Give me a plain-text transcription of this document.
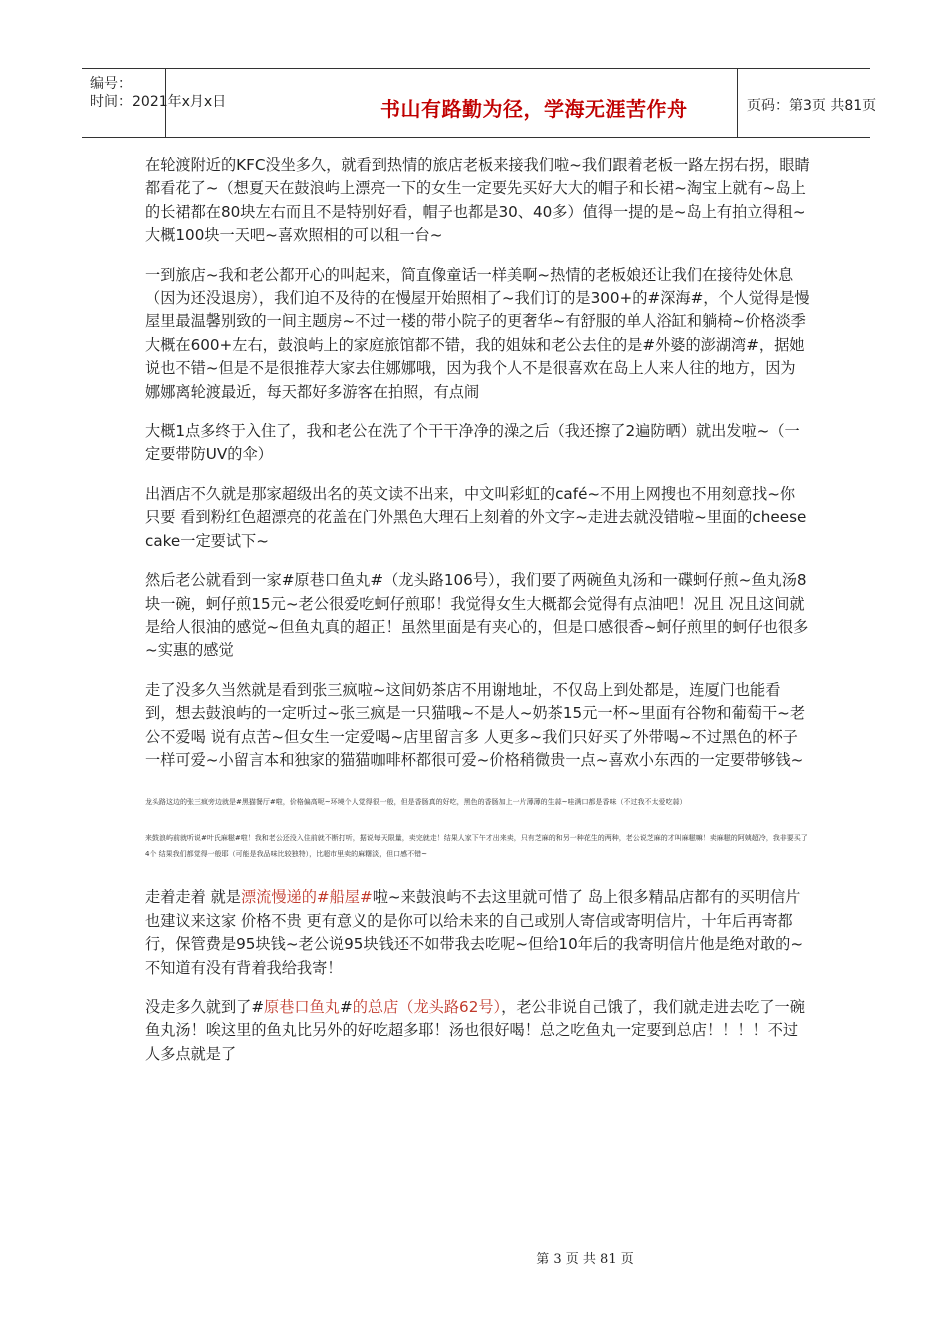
编号：
时间：2021年x月x日	书山有路勤为径，学海无涯苦作舟	页码：第3页 共81页

在轮渡附近的KFC没坐多久，就看到热情的旅店老板来接我们啦~我们跟着老板一路左拐右拐，眼睛都看花了~（想夏天在鼓浪屿上漂亮一下的女生一定要先买好大大的帽子和长裙~淘宝上就有~岛上的长裙都在80块左右而且不是特别好看，帽子也都是30、40多）值得一提的是~岛上有拍立得租~大概100块一天吧~喜欢照相的可以租一台~

一到旅店~我和老公都开心的叫起来，简直像童话一样美啊~热情的老板娘还让我们在接待处休息（因为还没退房），我们迫不及待的在慢屋开始照相了~我们订的是300+的#深海#，个人觉得是慢屋里最温馨别致的一间主题房~不过一楼的带小院子的更奢华~有舒服的单人浴缸和躺椅~价格淡季大概在600+左右，鼓浪屿上的家庭旅馆都不错，我的姐妹和老公去住的是#外婆的澎湖湾#，据她说也不错~但是不是很推荐大家去住娜娜哦，因为我个人不是很喜欢在岛上人来人往的地方，因为娜娜离轮渡最近，每天都好多游客在拍照，有点闹

大概1点多终于入住了，我和老公在洗了个干干净净的澡之后（我还擦了2遍防晒）就出发啦~（一定要带防UV的伞）

出酒店不久就是那家超级出名的英文读不出来，中文叫彩虹的café~不用上网搜也不用刻意找~你只要 看到粉红色超漂亮的花盖在门外黑色大理石上刻着的外文字~走进去就没错啦~里面的cheese cake一定要试下~

然后老公就看到一家#原巷口鱼丸#（龙头路106号），我们要了两碗鱼丸汤和一碟蚵仔煎~鱼丸汤8块一碗，蚵仔煎15元~老公很爱吃蚵仔煎耶！我觉得女生大概都会觉得有点油吧！况且 况且这间就是给人很油的感觉~但鱼丸真的超正！虽然里面是有夹心的，但是口感很香~蚵仔煎里的蚵仔也很多~实惠的感觉

走了没多久当然就是看到张三疯啦~这间奶茶店不用谢地址，不仅岛上到处都是，连厦门也能看到，想去鼓浪屿的一定听过~张三疯是一只猫哦~不是人~奶茶15元一杯~里面有谷物和葡萄干~老公不爱喝 说有点苦~但女生一定爱喝~店里留言多 人更多~我们只好买了外带喝~不过黑色的杯子一样可爱~小留言本和独家的猫猫咖啡杯都很可爱~价格稍微贵一点~喜欢小东西的一定要带够钱~

龙头路这边的张三疯旁边就是#黑猫餐厅#啦，价格偏高呢~环境个人觉得很一般，但是香肠真的好吃，黑色的香肠加上一片薄薄的生蒜~哇满口都是香味（不过我不太爱吃蒜）

来鼓浪屿前就听说#叶氏麻糍#啦！我和老公还没入住前就不断打听，据说每天限量，卖完就走！结果人家下午才出来卖，只有芝麻的和另一种花生的两种，老公说芝麻的才叫麻糍嘛！卖麻糍的阿姨超冷，我非要买了4个 结果我们都觉得一般耶（可能是我品味比较独特），比超市里卖的麻糬淡，但口感不错~

走着走着 就是漂流慢递的#船屋#啦~来鼓浪屿不去这里就可惜了 岛上很多精品店都有的买明信片 也建议来这家 价格不贵 更有意义的是你可以给未来的自己或别人寄信或寄明信片，十年后再寄都行，保管费是95块钱~老公说95块钱还不如带我去吃呢~但给10年后的我寄明信片他是绝对敢的~不知道有没有背着我给我寄！

没走多久就到了#原巷口鱼丸#的总店（龙头路62号），老公非说自己饿了，我们就走进去吃了一碗鱼丸汤！唉这里的鱼丸比另外的好吃超多耶！汤也很好喝！总之吃鱼丸一定要到总店！！！！不过人多点就是了

第 3 页 共 81 页
